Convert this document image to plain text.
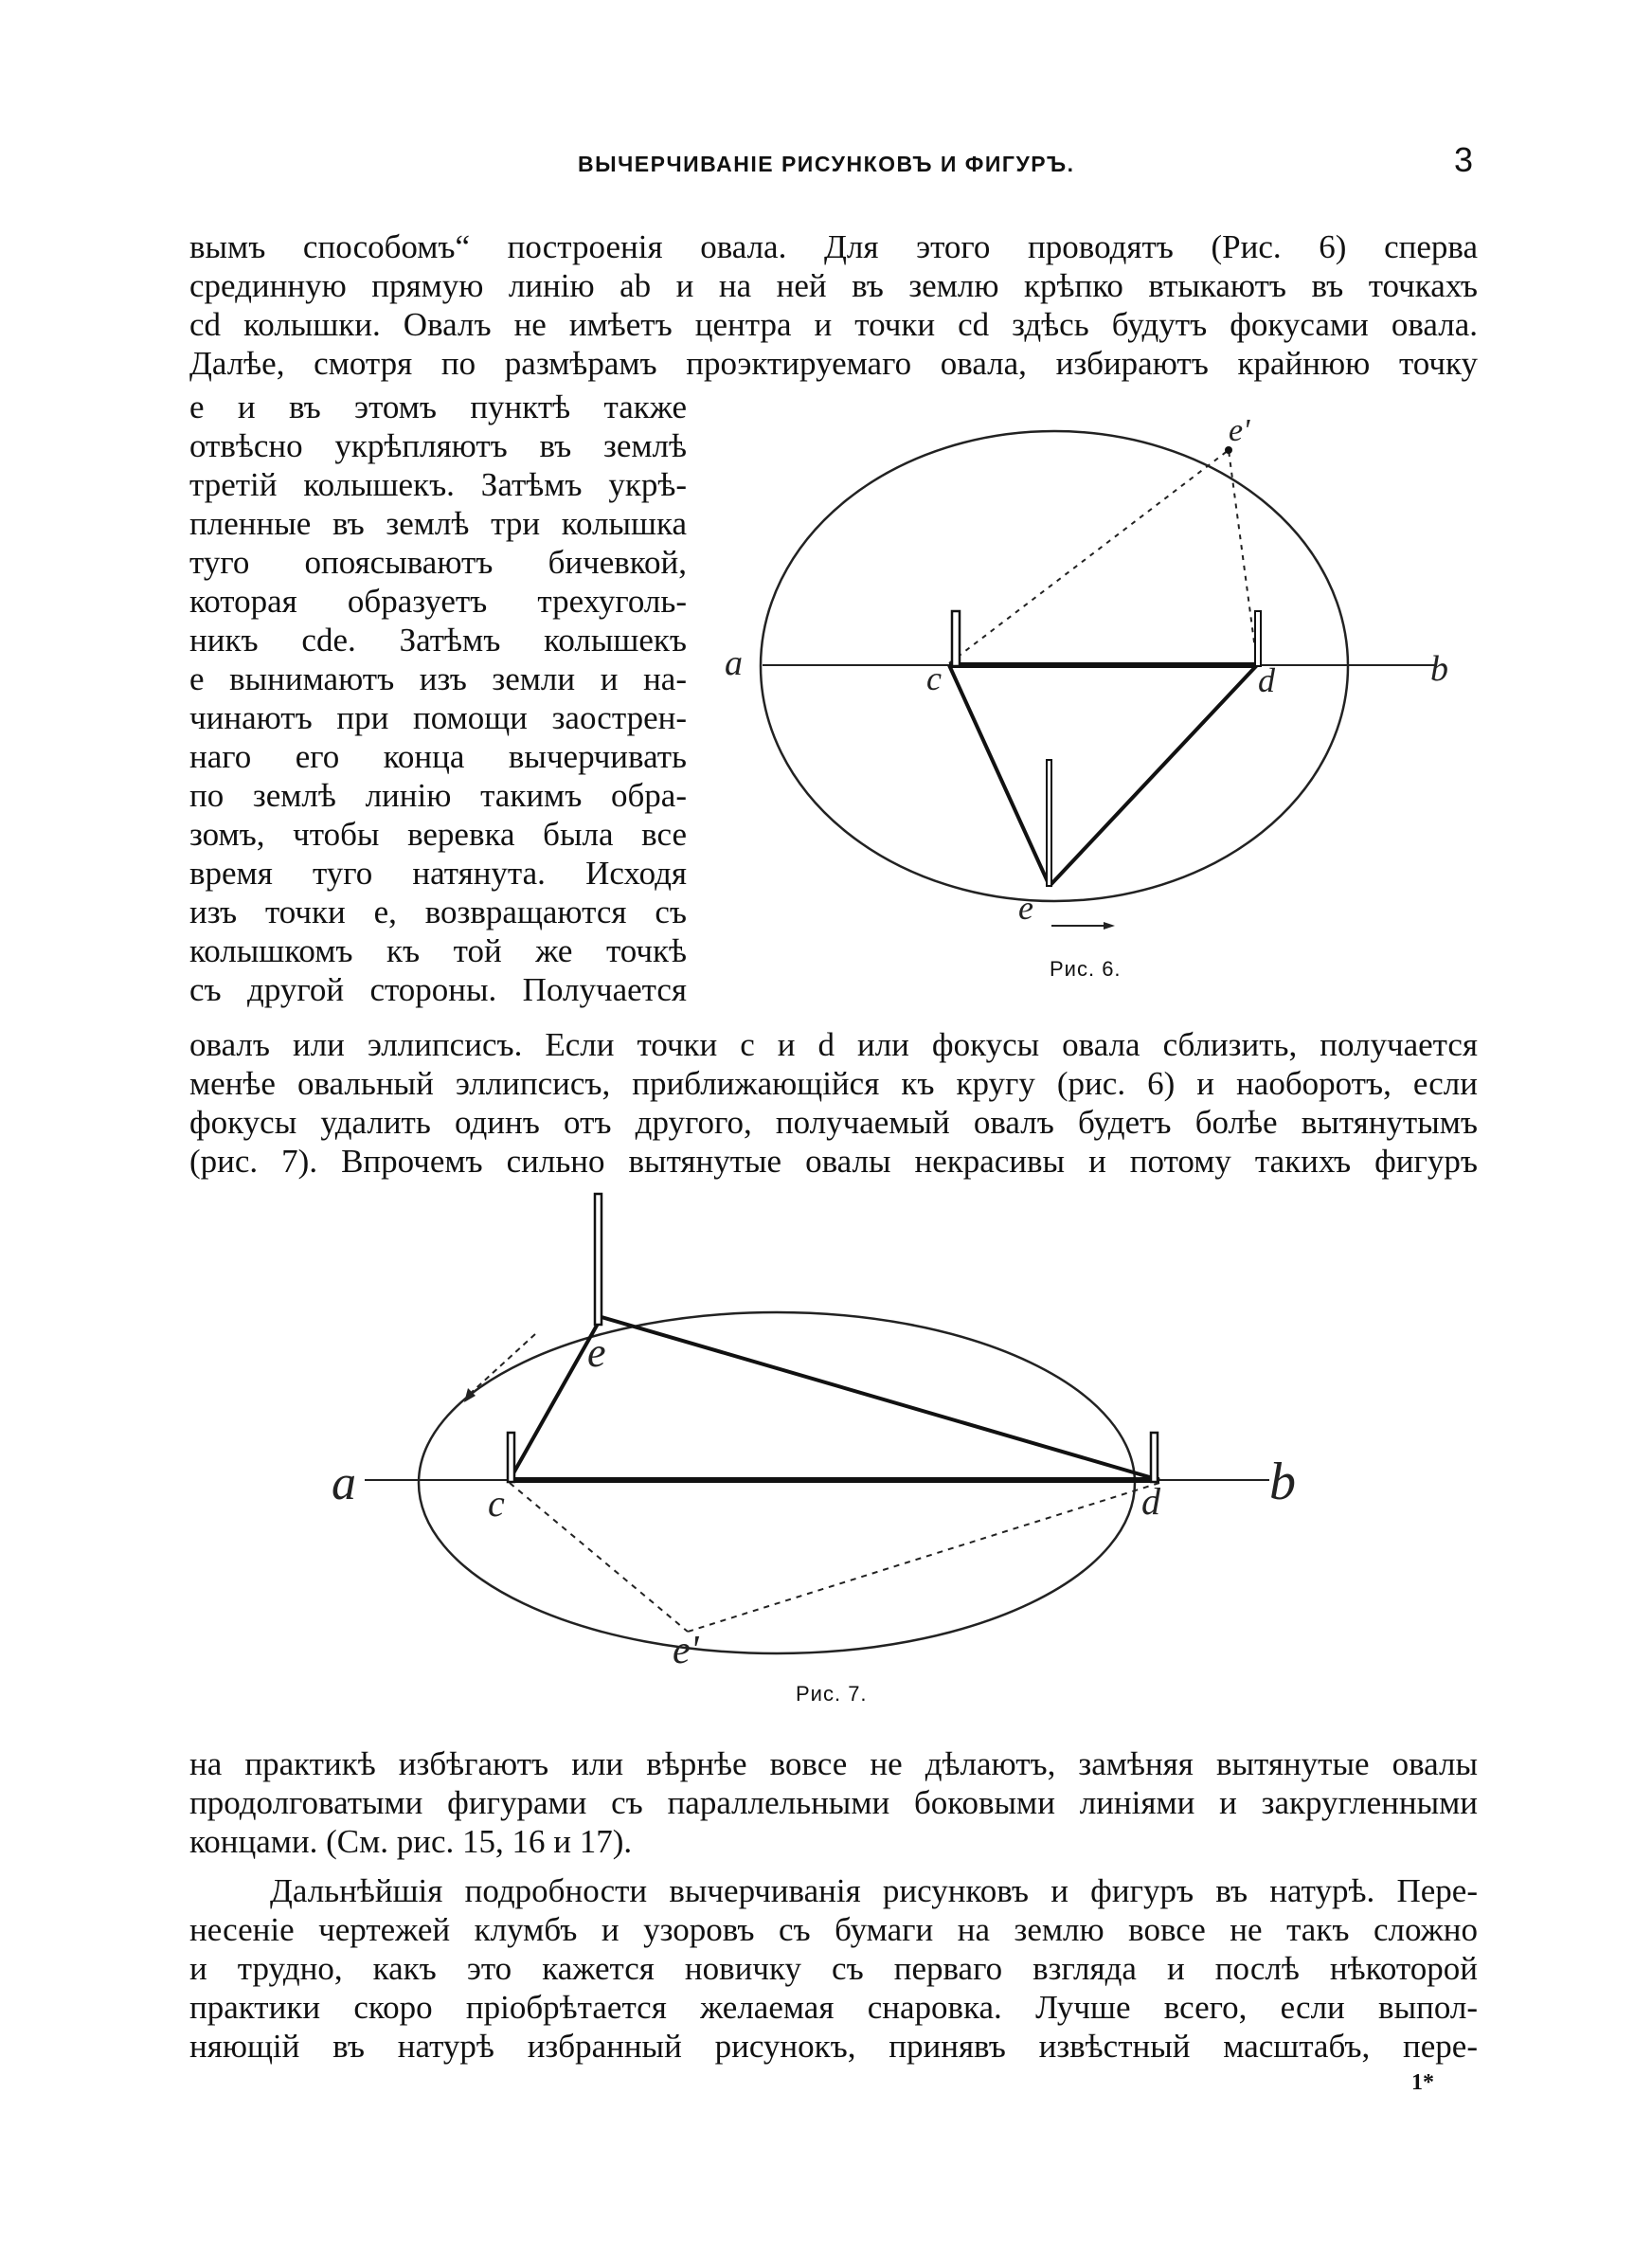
ВЫЧЕРЧИВАНІЕ РИСУНКОВЪ И ФИГУРЪ.	3
вымъ способомъ“ построенія овала. Для этого проводятъ (Рис. 6) сперва
срединную прямую линію ab и на ней въ землю крѣпко втыкаютъ въ точкахъ
cd колышки. Овалъ не имѣетъ центра и точки cd здѣсь будутъ фокусами овала.
Далѣе, смотря по размѣрамъ проэктируемаго овала, избираютъ крайнюю точку
e и въ этомъ пунктѣ также
отвѣсно укрѣпляютъ въ землѣ
третій колышекъ. Затѣмъ укрѣ-
пленные въ землѣ три колышка
туго опоясываютъ бичевкой,
которая образуетъ трехуголь-
никъ cde. Затѣмъ колышекъ
e вынимаютъ изъ земли и на-
чинаютъ при помощи заострен-
наго его конца вычерчивать
по землѣ линію такимъ обра-
зомъ, чтобы веревка была все
время туго натянута. Исходя
изъ точки e, возвращаются съ
колышкомъ къ той же точкѣ
съ другой стороны. Получается
a	b
c	d
e
e'
Рис. 6.
овалъ или эллипсисъ. Если точки c и d или фокусы овала сблизить, получается
менѣе овальный эллипсисъ, приближающійся къ кругу (рис. 6) и наоборотъ, если
фокусы удалить одинъ отъ другого, получаемый овалъ будетъ болѣе вытянутымъ
(рис. 7). Впрочемъ сильно вытянутые овалы некрасивы и потому такихъ фигуръ
a	b
c	d
e
e'
Рис. 7.
на практикѣ избѣгаютъ или вѣрнѣе вовсе не дѣлаютъ, замѣняя вытянутые овалы
продолговатыми фигурами съ параллельными боковыми линіями и закругленными
концами. (См. рис. 15, 16 и 17).
Дальнѣйшія подробности вычерчиванія рисунковъ и фигуръ въ натурѣ. Пере-
несеніе чертежей клумбъ и узоровъ съ бумаги на землю вовсе не такъ сложно
и трудно, какъ это кажется новичку съ перваго взгляда и послѣ нѣкоторой
практики скоро пріобрѣтается желаемая снаровка. Лучше всего, если выпол-
няющій въ натурѣ избранный рисунокъ, принявъ извѣстный масштабъ, пере-
1*
